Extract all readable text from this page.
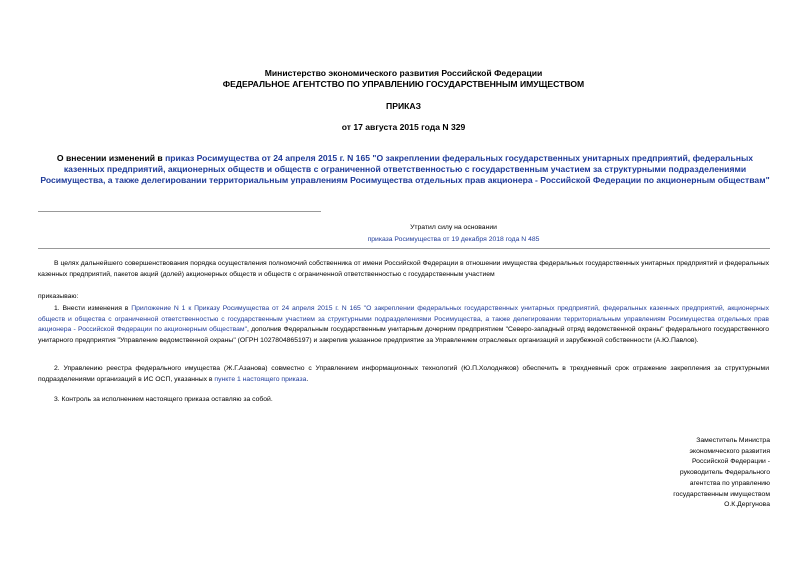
Министерство экономического развития Российской Федерации
ФЕДЕРАЛЬНОЕ АГЕНТСТВО ПО УПРАВЛЕНИЮ ГОСУДАРСТВЕННЫМ ИМУЩЕСТВОМ
ПРИКАЗ
от 17 августа 2015 года N 329
О внесении изменений в приказ Росимущества от 24 апреля 2015 г. N 165 "О закреплении федеральных государственных унитарных предприятий, федеральных казенных предприятий, акционерных обществ и обществ с ограниченной ответственностью с государственным участием за структурными подразделениями Росимущества, а также делегировании территориальным управлениям Росимущества отдельных прав акционера - Российской Федерации по акционерным обществам"
Утратил силу на основании
приказа Росимущества от 19 декабря 2018 года N 485
В целях дальнейшего совершенствования порядка осуществления полномочий собственника от имени Российской Федерации в отношении имущества федеральных государственных унитарных предприятий и федеральных казенных предприятий, пакетов акций (долей) акционерных обществ и обществ с ограниченной ответственностью с государственным участием
приказываю:
1. Внести изменения в Приложение N 1 к Приказу Росимущества от 24 апреля 2015 г. N 165 "О закреплении федеральных государственных унитарных предприятий, федеральных казенных предприятий, акционерных обществ и общества с ограниченной ответственностью с государственным участием за структурными подразделениями Росимущества, а также делегировании территориальным управлениям Росимущества отдельных прав акционера - Российской Федерации по акционерным обществам", дополнив Федеральным государственным унитарным дочерним предприятием "Северо-западный отряд ведомственной охраны" федерального государственного унитарного предприятия "Управление ведомственной охраны" (ОГРН 1027804865197) и закрепив указанное предприятие за Управлением отраслевых организаций и зарубежной собственности (А.Ю.Павлов).
2. Управлению реестра федерального имущества (Ж.Г.Азанова) совместно с Управлением информационных технологий (Ю.П.Холодняков) обеспечить в трехдневный срок отражение закрепления за структурными подразделениями организаций в ИС ОСП, указанных в пункте 1 настоящего приказа.
3. Контроль за исполнением настоящего приказа оставляю за собой.
Заместитель Министра
экономического развития
Российской Федерации -
руководитель Федерального
агентства по управлению
государственным имуществом
О.К.Дергунова
